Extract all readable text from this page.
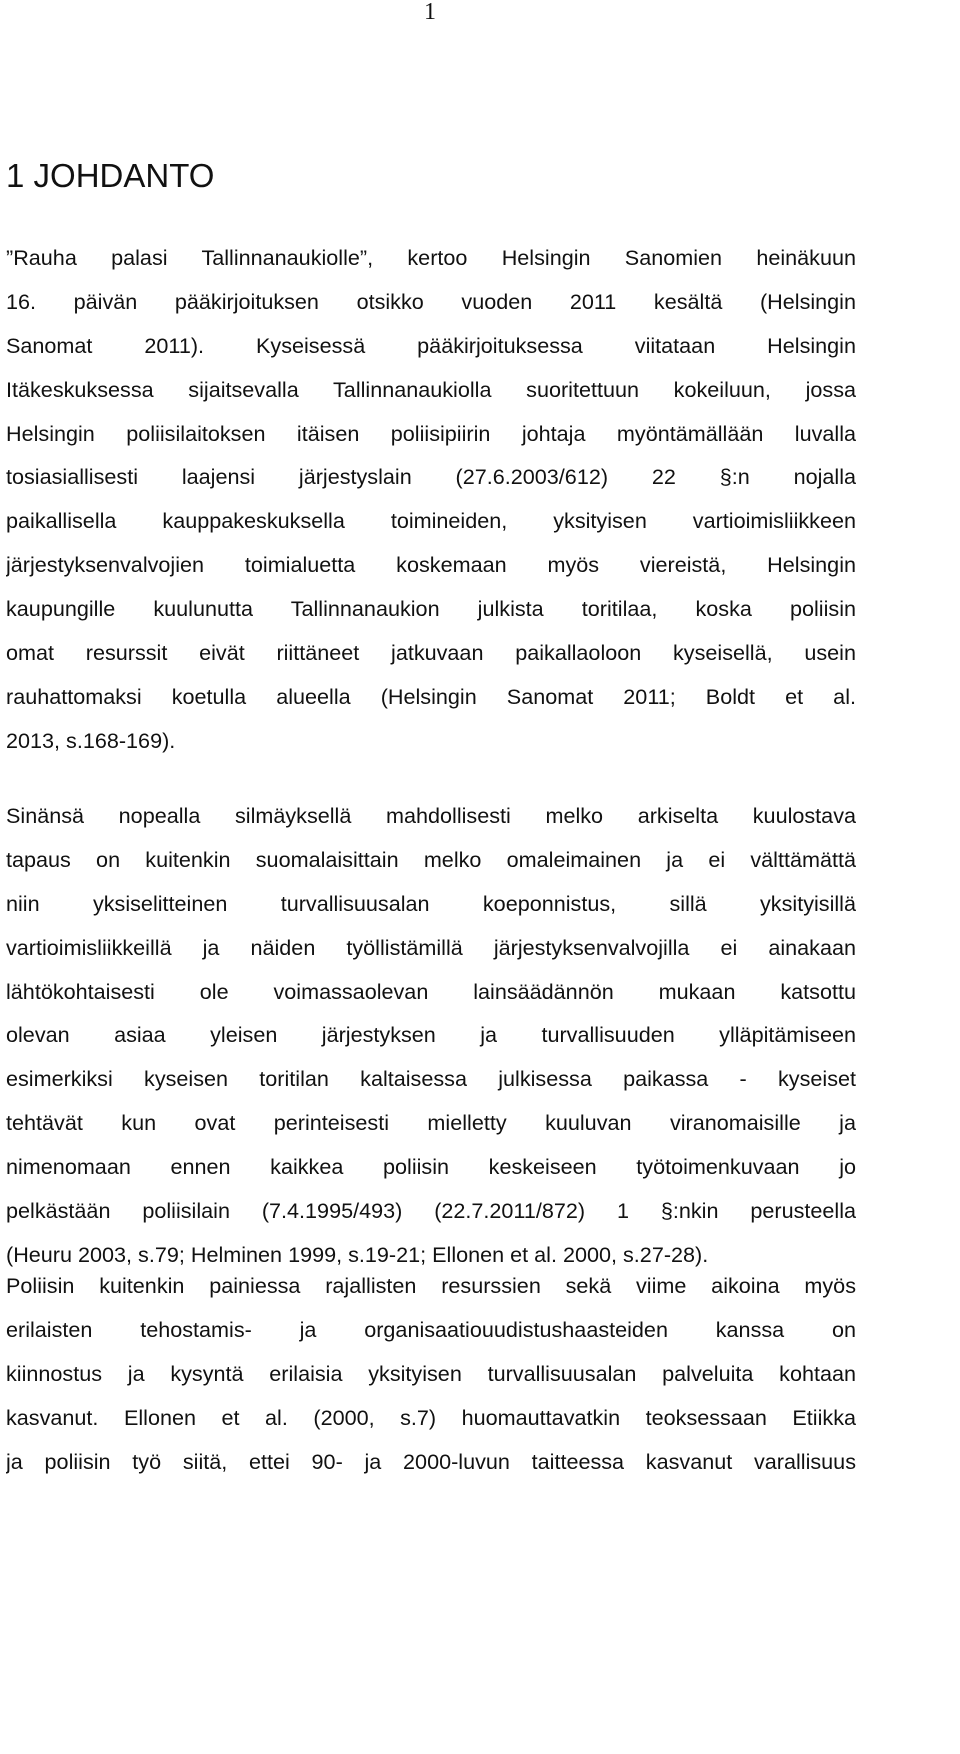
1
1 JOHDANTO
”Rauha palasi Tallinnanaukiolle”, kertoo Helsingin Sanomien heinäkuun
16. päivän pääkirjoituksen otsikko vuoden 2011 kesältä (Helsingin
Sanomat 2011). Kyseisessä pääkirjoituksessa viitataan Helsingin
Itäkeskuksessa sijaitsevalla Tallinnanaukiolla suoritettuun kokeiluun, jossa
Helsingin poliisilaitoksen itäisen poliisipiirin johtaja myöntämällään luvalla
tosiasiallisesti laajensi järjestyslain (27.6.2003/612) 22 §:n nojalla
paikallisella kauppakeskuksella toimineiden, yksityisen vartioimisliikkeen
järjestyksenvalvojien toimialuetta koskemaan myös viereistä, Helsingin
kaupungille kuulunutta Tallinnanaukion julkista toritilaa, koska poliisin
omat resurssit eivät riittäneet jatkuvaan paikallaoloon kyseisellä, usein
rauhattomaksi koetulla alueella (Helsingin Sanomat 2011; Boldt et al.
2013, s.168-169).
Sinänsä nopealla silmäyksellä mahdollisesti melko arkiselta kuulostava
tapaus on kuitenkin suomalaisittain melko omaleimainen ja ei välttämättä
niin yksiselitteinen turvallisuusalan koeponnistus, sillä yksityisillä
vartioimisliikkeillä ja näiden työllistämillä järjestyksenvalvojilla ei ainakaan
lähtökohtaisesti ole voimassaolevan lainsäädännön mukaan katsottu
olevan asiaa yleisen järjestyksen ja turvallisuuden ylläpitämiseen
esimerkiksi kyseisen toritilan kaltaisessa julkisessa paikassa - kyseiset
tehtävät kun ovat perinteisesti mielletty kuuluvan viranomaisille ja
nimenomaan ennen kaikkea poliisin keskeiseen työtoimenkuvaan jo
pelkästään poliisilain (7.4.1995/493) (22.7.2011/872) 1 §:nkin perusteella
(Heuru 2003, s.79; Helminen 1999, s.19-21; Ellonen et al. 2000, s.27-28).
Poliisin kuitenkin painiessa rajallisten resurssien sekä viime aikoina myös
erilaisten tehostamis- ja organisaatiouudistushaasteiden kanssa on
kiinnostus ja kysyntä erilaisia yksityisen turvallisuusalan palveluita kohtaan
kasvanut. Ellonen et al. (2000, s.7) huomauttavatkin teoksessaan Etiikka
ja poliisin työ siitä, ettei 90- ja 2000-luvun taitteessa kasvanut varallisuus
